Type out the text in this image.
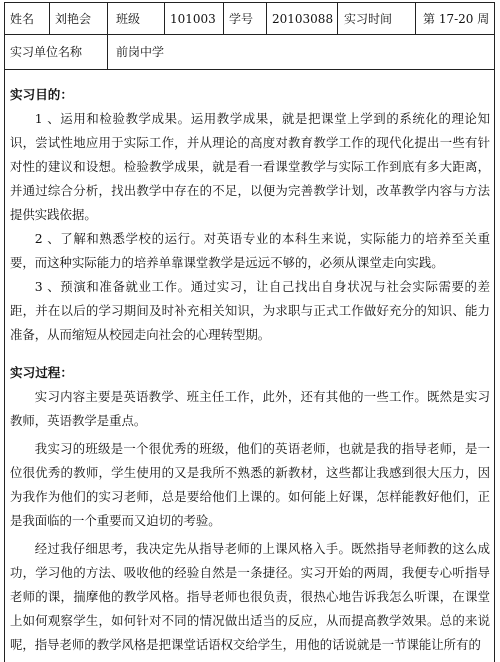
姓名	刘艳会	班级	101003	学号	20103088 实习时间	第 17-20 周
实习单位名称	前岗中学

实习目的：

1 、运用和检验教学成果。运用教学成果，就是把课堂上学到的系统化的理论知识，尝试性地应用于实际工作，并从理论的高度对教育教学工作的现代化提出一些有针对性的建议和设想。检验教学成果，就是看一看课堂教学与实际工作到底有多大距离，并通过综合分析，找出教学中存在的不足，以便为完善教学计划，改革教学内容与方法提供实践依据。

2 、了解和熟悉学校的运行。对英语专业的本科生来说，实际能力的培养至关重要，而这种实际能力的培养单靠课堂教学是远远不够的，必须从课堂走向实践。

3 、预演和准备就业工作。通过实习，让自己找出自身状况与社会实际需要的差距，并在以后的学习期间及时补充相关知识，为求职与正式工作做好充分的知识、能力准备，从而缩短从校园走向社会的心理转型期。

实习过程：

实习内容主要是英语教学、班主任工作，此外，还有其他的一些工作。既然是实习教师，英语教学是重点。

我实习的班级是一个很优秀的班级，他们的英语老师，也就是我的指导老师，是一位很优秀的教师，学生使用的又是我所不熟悉的新教材，这些都让我感到很大压力，因为我作为他们的实习老师，总是要给他们上课的。如何能上好课，怎样能教好他们，正是我面临的一个重要而又迫切的考验。

经过我仔细思考，我决定先从指导老师的上课风格入手。既然指导老师教的这么成功，学习他的方法、吸收他的经验自然是一条捷径。实习开始的两周，我便专心听指导老师的课，揣摩他的教学风格。指导老师也很负责，很热心地告诉我怎么听课，在课堂上如何观察学生，如何针对不同的情况做出适当的反应，从而提高教学效果。总的来说呢，指导老师的教学风格是把课堂话语权交给学生，用他的话说就是一节课能让所有的
